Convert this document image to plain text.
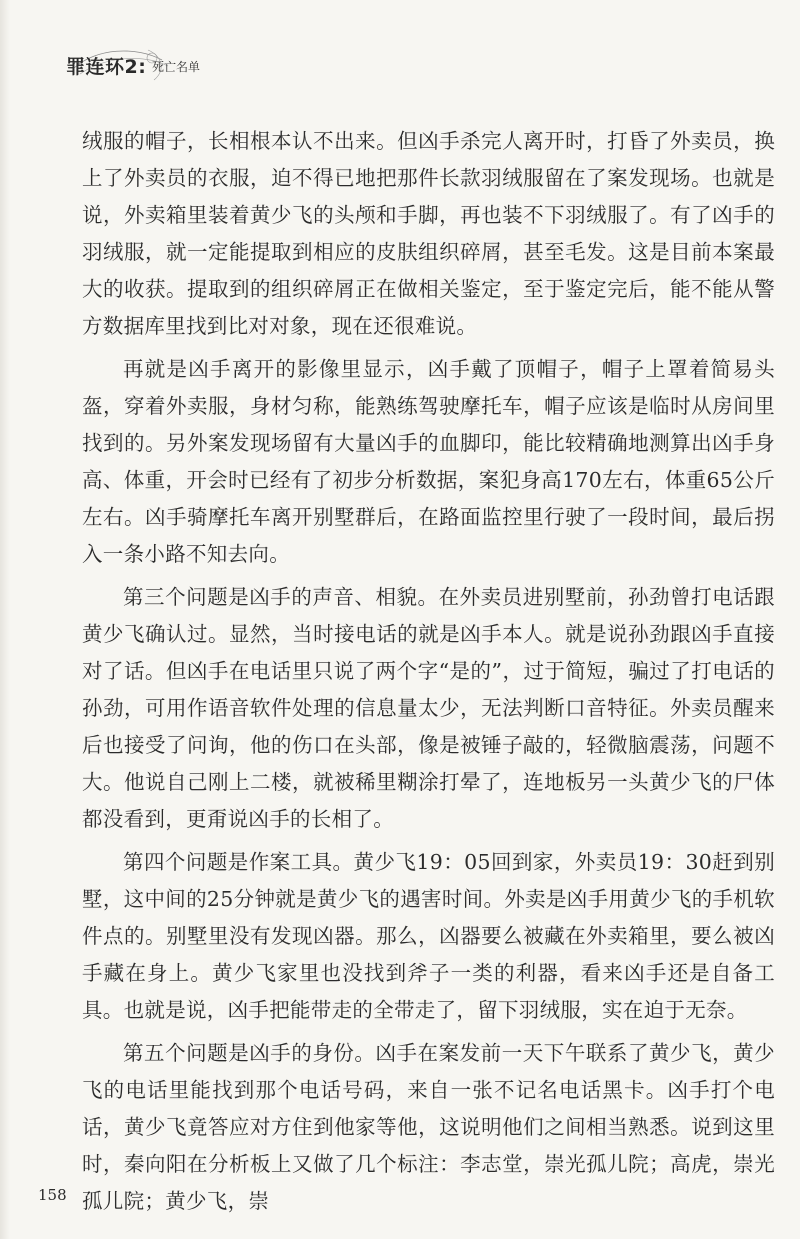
罪连环2: 死亡名单

绒服的帽子，长相根本认不出来。但凶手杀完人离开时，打昏了外卖员，换上了外卖员的衣服，迫不得已地把那件长款羽绒服留在了案发现场。也就是说，外卖箱里装着黄少飞的头颅和手脚，再也装不下羽绒服了。有了凶手的羽绒服，就一定能提取到相应的皮肤组织碎屑，甚至毛发。这是目前本案最大的收获。提取到的组织碎屑正在做相关鉴定，至于鉴定完后，能不能从警方数据库里找到比对对象，现在还很难说。

再就是凶手离开的影像里显示，凶手戴了顶帽子，帽子上罩着简易头盔，穿着外卖服，身材匀称，能熟练驾驶摩托车，帽子应该是临时从房间里找到的。另外案发现场留有大量凶手的血脚印，能比较精确地测算出凶手身高、体重，开会时已经有了初步分析数据，案犯身高170左右，体重65公斤左右。凶手骑摩托车离开别墅群后，在路面监控里行驶了一段时间，最后拐入一条小路不知去向。

第三个问题是凶手的声音、相貌。在外卖员进别墅前，孙劲曾打电话跟黄少飞确认过。显然，当时接电话的就是凶手本人。就是说孙劲跟凶手直接对了话。但凶手在电话里只说了两个字“是的”，过于简短，骗过了打电话的孙劲，可用作语音软件处理的信息量太少，无法判断口音特征。外卖员醒来后也接受了问询，他的伤口在头部，像是被锤子敲的，轻微脑震荡，问题不大。他说自己刚上二楼，就被稀里糊涂打晕了，连地板另一头黄少飞的尸体都没看到，更甭说凶手的长相了。

第四个问题是作案工具。黄少飞19：05回到家，外卖员19：30赶到别墅，这中间的25分钟就是黄少飞的遇害时间。外卖是凶手用黄少飞的手机软件点的。别墅里没有发现凶器。那么，凶器要么被藏在外卖箱里，要么被凶手藏在身上。黄少飞家里也没找到斧子一类的利器，看来凶手还是自备工具。也就是说，凶手把能带走的全带走了，留下羽绒服，实在迫于无奈。

第五个问题是凶手的身份。凶手在案发前一天下午联系了黄少飞，黄少飞的电话里能找到那个电话号码，来自一张不记名电话黑卡。凶手打个电话，黄少飞竟答应对方住到他家等他，这说明他们之间相当熟悉。说到这里时，秦向阳在分析板上又做了几个标注：李志堂，崇光孤儿院；高虎，崇光孤儿院；黄少飞，崇

158
